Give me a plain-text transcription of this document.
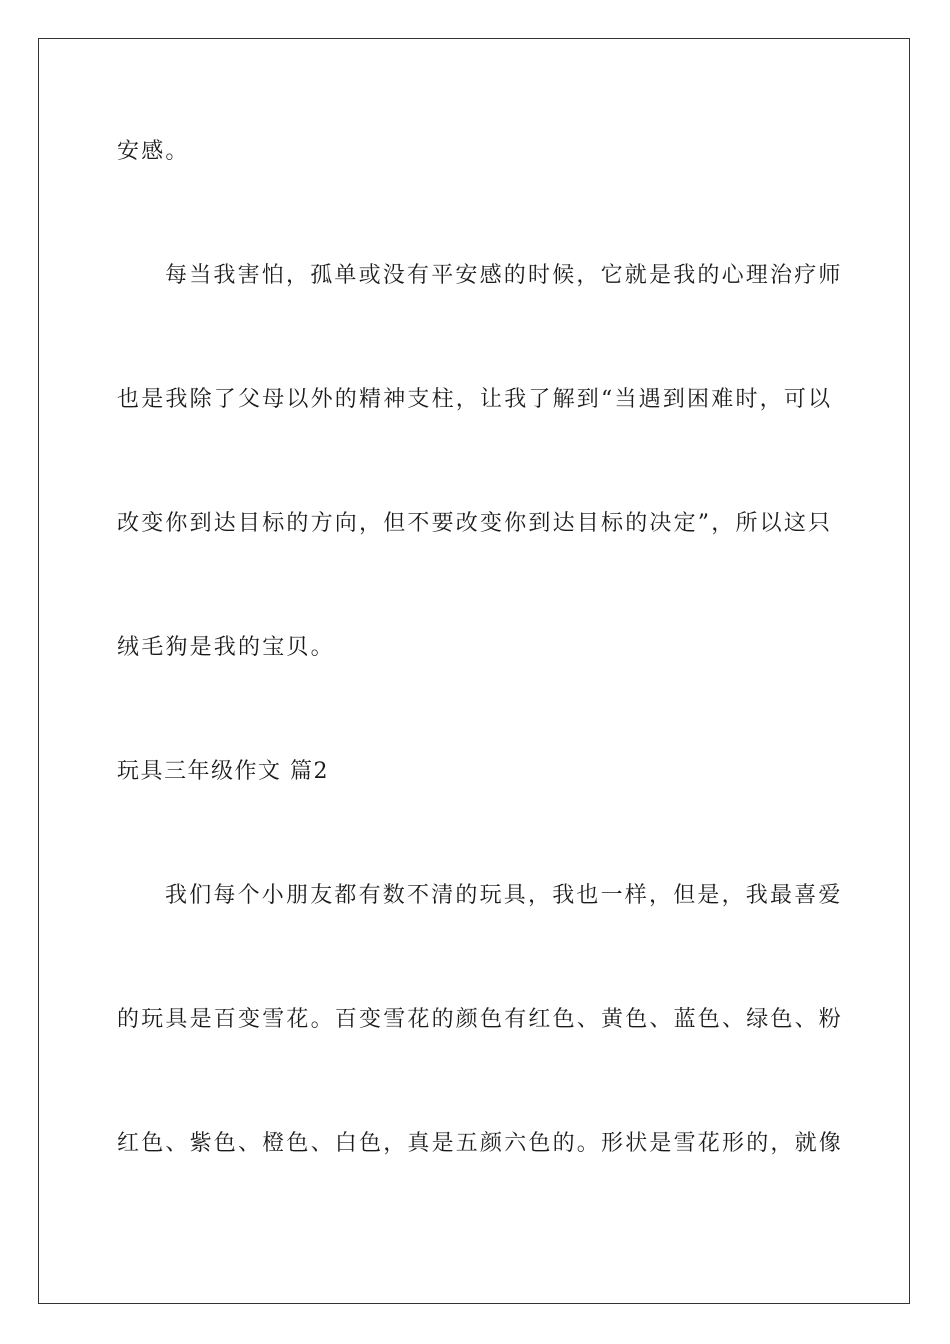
安感。
每当我害怕，孤单或没有平安感的时候，它就是我的心理治疗师
也是我除了父母以外的精神支柱，让我了解到“当遇到困难时，可以
改变你到达目标的方向，但不要改变你到达目标的决定”，所以这只
绒毛狗是我的宝贝。
玩具三年级作文 篇2
我们每个小朋友都有数不清的玩具，我也一样，但是，我最喜爱
的玩具是百变雪花。百变雪花的颜色有红色、黄色、蓝色、绿色、粉
红色、紫色、橙色、白色，真是五颜六色的。形状是雪花形的，就像
